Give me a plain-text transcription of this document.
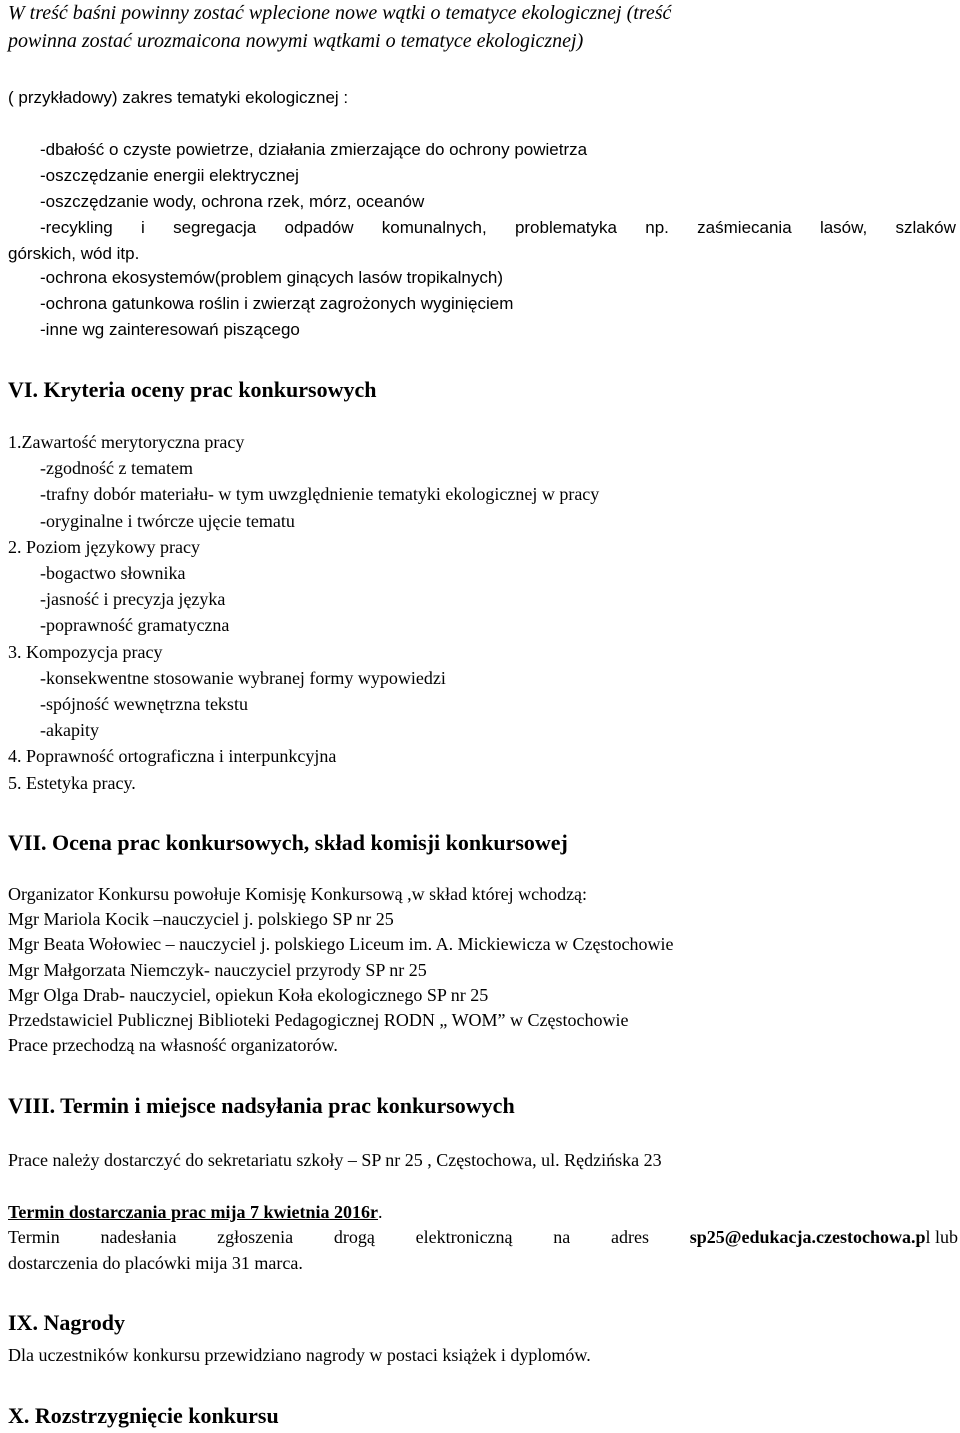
W treść baśni powinny zostać wplecione nowe wątki o tematyce ekologicznej (treść
powinna zostać urozmaicona nowymi wątkami o tematyce ekologicznej)
( przykładowy) zakres tematyki ekologicznej :
-dbałość o czyste powietrze, działania zmierzające do ochrony powietrza
-oszczędzanie energii elektrycznej
-oszczędzanie wody, ochrona rzek, mórz, oceanów
-recykling i segregacja odpadów komunalnych, problematyka np. zaśmiecania lasów, szlaków
górskich, wód itp.
-ochrona ekosystemów(problem ginących lasów tropikalnych)
-ochrona gatunkowa roślin i zwierząt zagrożonych wyginięciem
-inne wg zainteresowań piszącego
VI. Kryteria oceny prac konkursowych
1.Zawartość merytoryczna pracy
-zgodność z tematem
-trafny dobór materiału- w tym uwzględnienie tematyki ekologicznej w pracy
-oryginalne i twórcze ujęcie tematu
2. Poziom językowy pracy
-bogactwo słownika
-jasność i precyzja języka
-poprawność gramatyczna
3. Kompozycja pracy
-konsekwentne stosowanie wybranej formy wypowiedzi
-spójność wewnętrzna tekstu
-akapity
4. Poprawność ortograficzna i interpunkcyjna
5. Estetyka pracy.
VII. Ocena prac konkursowych, skład komisji konkursowej
Organizator Konkursu powołuje Komisję Konkursową ,w skład której wchodzą:
Mgr Mariola Kocik –nauczyciel j. polskiego SP nr 25
Mgr Beata Wołowiec – nauczyciel j. polskiego Liceum im. A. Mickiewicza w Częstochowie
Mgr Małgorzata Niemczyk- nauczyciel przyrody SP nr 25
Mgr Olga Drab- nauczyciel, opiekun Koła ekologicznego SP nr 25
Przedstawiciel Publicznej Biblioteki Pedagogicznej RODN „ WOM” w Częstochowie
Prace przechodzą na własność organizatorów.
VIII. Termin i miejsce nadsyłania prac konkursowych
Prace należy dostarczyć do sekretariatu szkoły – SP nr 25 , Częstochowa, ul. Rędzińska 23
Termin dostarczania prac mija 7 kwietnia 2016r.
Termin nadesłania zgłoszenia drogą elektroniczną na adres sp25@edukacja.czestochowa.pl lub
dostarczenia do placówki mija 31 marca.
IX. Nagrody
Dla uczestników konkursu przewidziano nagrody w postaci książek i dyplomów.
X. Rozstrzygnięcie konkursu
